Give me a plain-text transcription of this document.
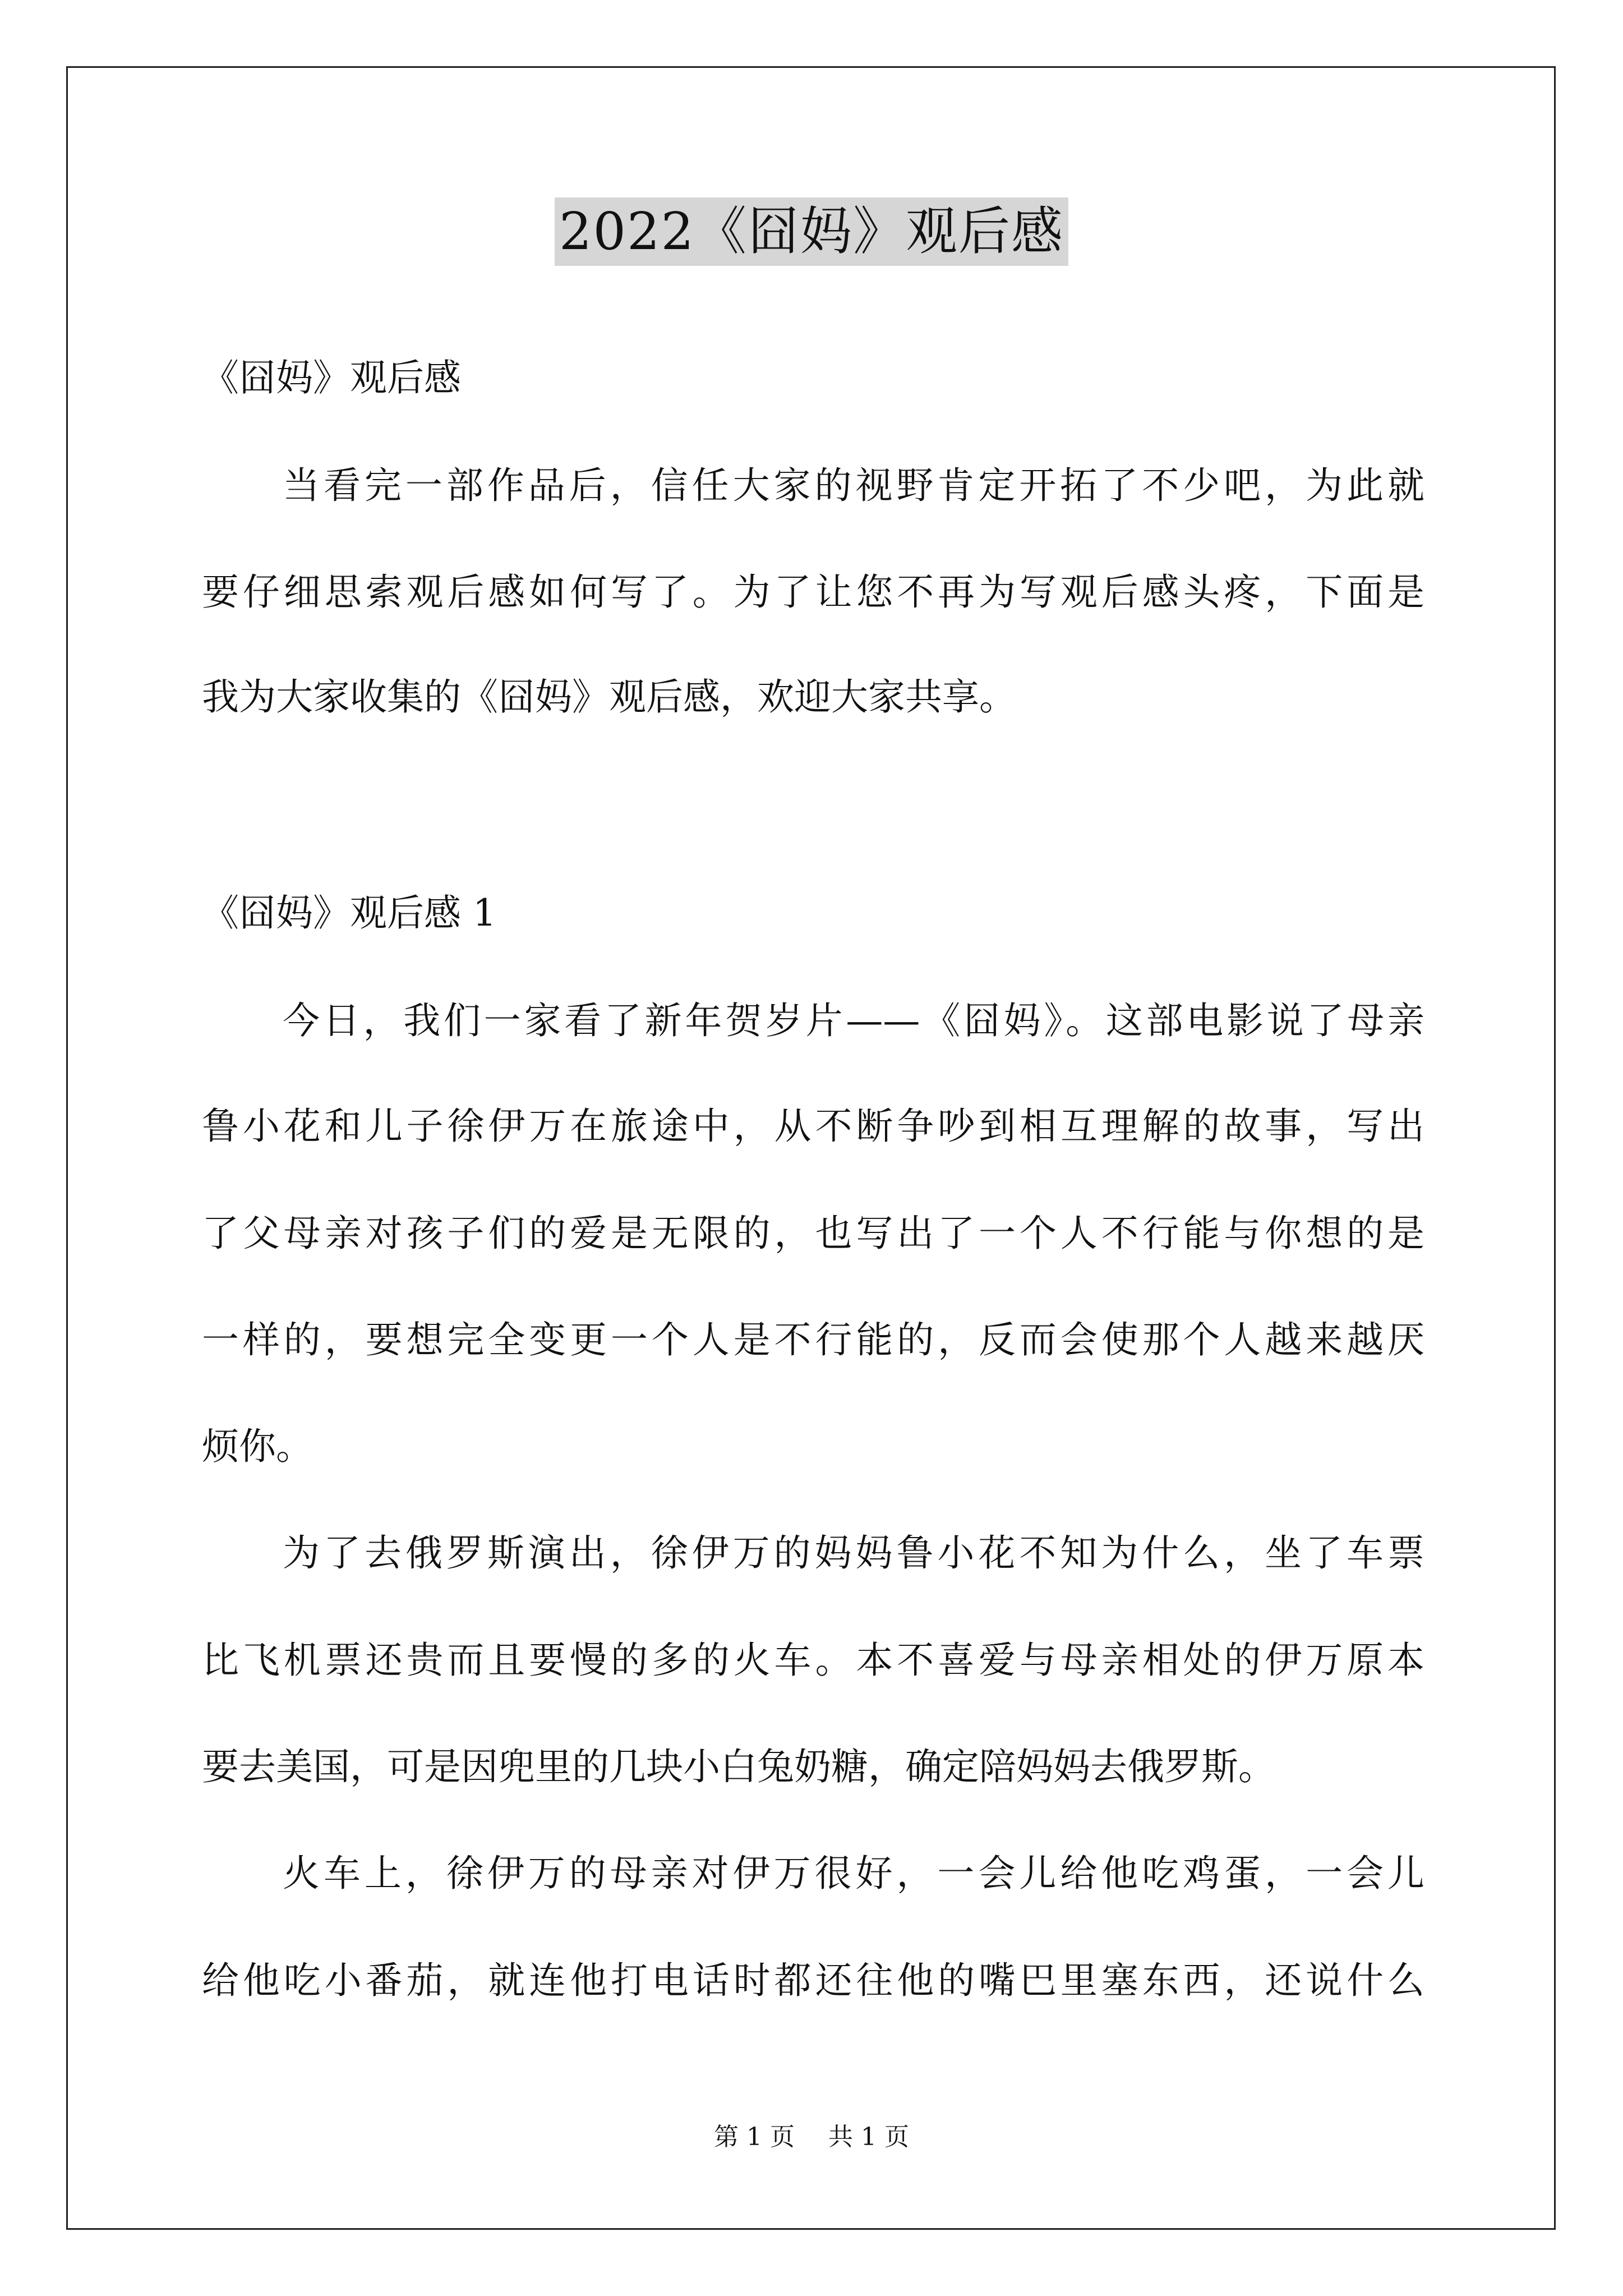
2022《囧妈》观后感
《囧妈》观后感
当看完一部作品后，信任大家的视野肯定开拓了不少吧，为此就
要仔细思索观后感如何写了。为了让您不再为写观后感头疼，下面是
我为大家收集的《囧妈》观后感，欢迎大家共享。
《囧妈》观后感 1
今日，我们一家看了新年贺岁片——《囧妈》。这部电影说了母亲
鲁小花和儿子徐伊万在旅途中，从不断争吵到相互理解的故事，写出
了父母亲对孩子们的爱是无限的，也写出了一个人不行能与你想的是
一样的，要想完全变更一个人是不行能的，反而会使那个人越来越厌
烦你。
为了去俄罗斯演出，徐伊万的妈妈鲁小花不知为什么，坐了车票
比飞机票还贵而且要慢的多的火车。本不喜爱与母亲相处的伊万原本
要去美国，可是因兜里的几块小白兔奶糖，确定陪妈妈去俄罗斯。
火车上，徐伊万的母亲对伊万很好，一会儿给他吃鸡蛋，一会儿
给他吃小番茄，就连他打电话时都还往他的嘴巴里塞东西，还说什么
第 1 页 共 1 页
